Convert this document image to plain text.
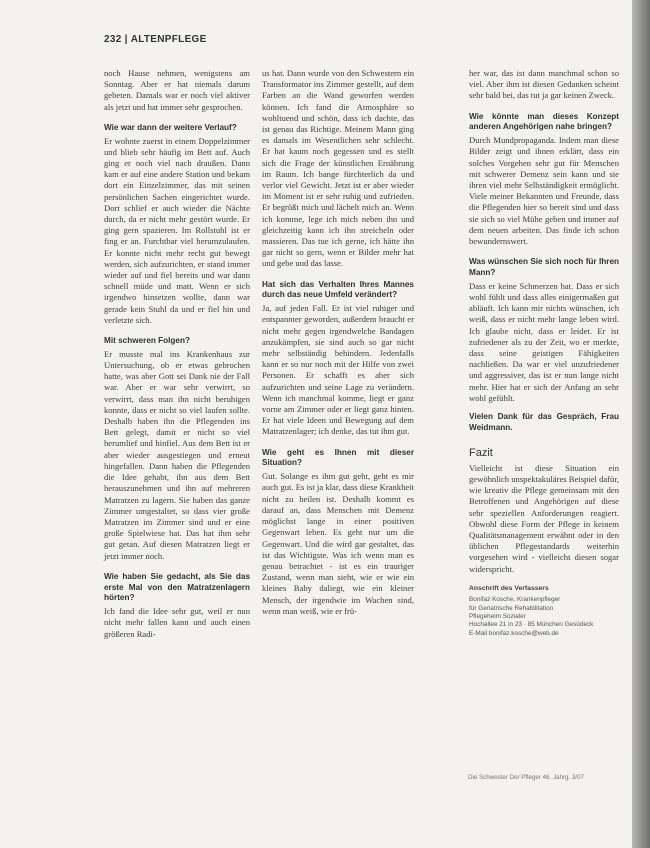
232 | ALTENPFLEGE

noch Hause nehmen, wenigstens am Sonntag. Aber er hat niemals darum gebeten. Damals war er noch viel aktiver als jetzt und hat immer sehr gesprochen.

Wie war dann der weitere Verlauf?

Er wohnte zuerst in einem Doppelzimmer und blieb sehr häufig im Bett auf. Auch ging er noch viel nach draußen. Dann kam er auf eine andere Station und bekam dort ein Einzelzimmer, das mit seinen persönlichen Sachen eingerichtet wurde. Dort schlief er auch wieder die Nächte durch, da er nicht mehr gestört wurde. Er ging gern spazieren. Im Rollstuhl ist er fing er an. Furchtbar viel herumzulaufen. Er konnte nicht mehr recht gut bewegt werden, sich aufzurichten, er stand immer wieder auf und fiel bereits und war dann schnell müde und matt. Wenn er sich irgendwo hinsetzen wollte, dann war gerade kein Stuhl da und er fiel hin und verletzte sich.

Mit schweren Folgen?

Er musste mal ins Krankenhaus zur Untersuchung, ob er etwas gebrochen hatte, was aber Gott sei Dank nie der Fall war. Aber er war sehr verwirrt, so verwirrt, dass man ihn nicht beruhigen konnte, dass er nicht so viel laufen sollte. Deshalb haben ihn die Pflegenden ins Bett gelegt, damit er nicht so viel herumlief und hinfiel. Aus dem Bett ist er aber wieder ausgestiegen und erneut hingefallen. Dann haben die Pflegenden die Idee gehabt, ihn aus dem Bett herauszunehmen und ihn auf mehreren Matratzen zu lagern. Sie haben das ganze Zimmer umgestaltet, so dass vier große Matratzen im Zimmer sind und er eine große Spielwiese hat. Das hat ihm sehr gut getan. Auf diesen Matratzen liegt er jetzt immer noch.

Wie haben Sie gedacht, als Sie das erste Mal von den Matratzenlagern hörten?

Ich fand die Idee sehr gut, weil er nun nicht mehr fallen kann und auch einen größeren Radi-

us hat. Dann wurde von den Schwestern ein Transformator ins Zimmer gestellt, auf dem Farben an die Wand geworfen werden können. Ich fand die Atmosphäre so wohltuend und schön, dass ich dachte, das ist genau das Richtige. Meinem Mann ging es damals im Wesentlichen sehr schlecht. Er hat kaum noch gegessen und es stellt sich die Frage der künstlichen Ernährung im Raum. Ich bange fürchterlich da und verlor viel Gewicht. Jetzt ist er aber wieder im Moment ist er sehr ruhig und zufrieden. Er begrüßt mich und lächelt mich an. Wenn ich komme, lege ich mich neben ihn und gleichzeitig kann ich ihn streicheln oder massieren. Das tue ich gerne, ich hätte ihn gar nicht so gern, wenn er Bilder mehr hat und gebe und das lasse.

Hat sich das Verhalten Ihres Mannes durch das neue Umfeld verändert?

Ja, auf jeden Fall. Er ist viel ruhiger und entspannter geworden, außerdem braucht er nicht mehr gegen irgendwelche Bandagen anzukämpfen, sie sind auch so gar nicht mehr selbständig behindern. Jedenfalls kann er so nur noch mit der Hilfe von zwei Personen. Er schafft es aber sich aufzurichten und seine Lage zu verändern. Wenn ich manchmal komme, liegt er ganz vorne am Zimmer oder er liegt ganz hinten. Er hat viele Ideen und Bewegung auf dem Matratzenlager; ich denke, das tut ihm gut.

Wie geht es Ihnen mit dieser Situation?

Gut. Solange es ihm gut geht, geht es mir auch gut. Es ist ja klar, dass diese Krankheit nicht zu heilen ist. Deshalb kommt es darauf an, dass Menschen mit Demenz möglichst lange in einer positiven Gegenwart leben. Es geht nur um die Gegenwart. Und die wird gar gestaltet, das ist das Wichtigste. Was ich wenn man es genau betrachtet - ist es ein trauriger Zustand, wenn man sieht, wie er wie ein kleines Baby daliegt, wie ein kleiner Mensch, der irgendwie im Wachen sind, wenn man weiß, wie er frü-

her war, das ist dann manchmal schon so viel. Aber ihm ist diesen Gedanken scheint sehr bald bei, das tut ja gar keinen Zweck.

Wie könnte man dieses Konzept anderen Angehörigen nahe bringen?

Durch Mundpropaganda. Indem man diese Bilder zeigt und ihnen erklärt, dass ein solches Vorgehen sehr gut für Menschen mit schwerer Demenz sein kann und sie ihren viel mehr Selbständigkeit ermöglicht. Viele meiner Bekannten und Freunde, dass die Pflegenden hier so bereit sind und dass sie sich so viel Mühe geben und immer auf dem neuen arbeiten. Das finde ich schon bewundernswert.

Was wünschen Sie sich noch für Ihren Mann?

Dass er keine Schmerzen hat. Dass er sich wohl fühlt und dass alles einigermaßen gut abläuft. Ich kann mir nichts wünschen, ich weiß, dass er nicht mehr lange leben wird. Ich glaube nicht, dass er leidet. Er ist zufriedener als zu der Zeit, wo er merkte, dass seine geistigen Fähigkeiten nachließen. Da war er viel unzufriedener und aggressiver, das ist er nun lange nicht mehr. Hier hat er sich der Anfang an sehr wohl gefühlt.

Vielen Dank für das Gespräch, Frau Weidmann.
Fazit

Vielleicht ist diese Situation ein gewöhnlich unspektakuläres Beispiel dafür, wie kreativ die Pflege gemeinsam mit den Betroffenen und Angehörigen auf diese sehr speziellen Anforderungen reagiert. Obwohl diese Form der Pflege in keinem Qualitätsmanagement erwähnt oder in den üblichen Pflegestandards weiterhin vorgesehen wird - vielleicht diesen sogar widerspricht.

Anschrift des Verfassers
Bonifaz Kosche, Krankenpfleger
für Geriatrische Rehabilitation
Pflegeheim Sozialer
Hochallee 21 in 23 · 85 München Gesüdeck
E-Mail bonifaz.kosche@web.de
Die Schwester Der Pfleger 46. Jahrg. 3/07
